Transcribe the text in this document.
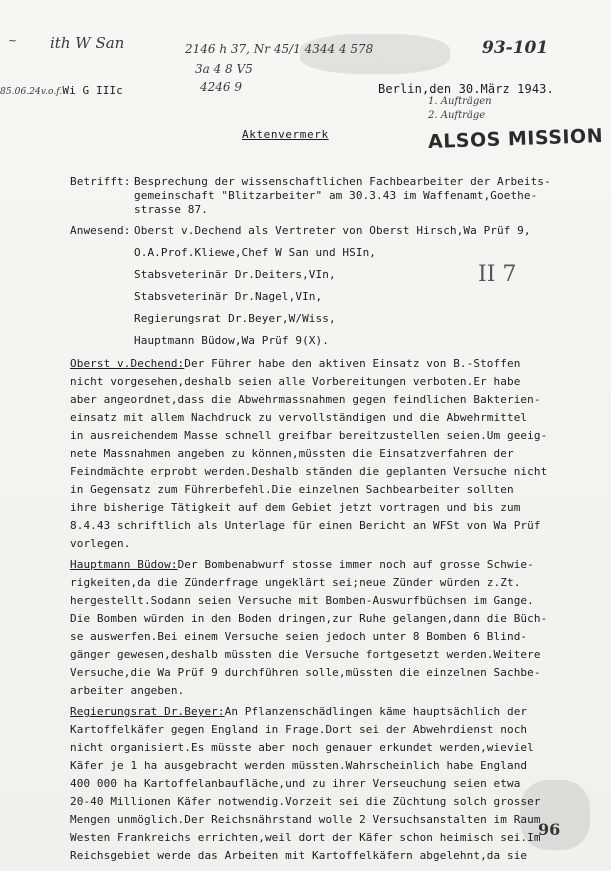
ith W San
~
2146 h 37, Nr 45/1 4344 4 578
3a 4 8 V5
4246 9
93-101
1. Aufträgen
2. Aufträge
85.06.24v.o.f.Wi G IIIc	Berlin,den 30.März 1943.
ALSOS MISSION
Aktenvermerk
Betrifft: Besprechung der wissenschaftlichen Fachbearbeiter der Arbeits-
gemeinschaft "Blitzarbeiter" am 30.3.43 im Waffenamt,Goethe-
strasse 87.
Anwesend: Oberst v.Dechend als Vertreter von Oberst Hirsch,Wa Prüf 9,
O.A.Prof.Kliewe,Chef W San und HSIn,
Stabsveterinär Dr.Deiters,VIn,
Stabsveterinär Dr.Nagel,VIn,
Regierungsrat Dr.Beyer,W/Wiss,
Hauptmann Büdow,Wa Prüf 9(X).
II 7
Oberst v.Dechend:Der Führer habe den aktiven Einsatz von B.-Stoffen
nicht vorgesehen,deshalb seien alle Vorbereitungen verboten.Er habe
aber angeordnet,dass die Abwehrmassnahmen gegen feindlichen Bakterien-
einsatz mit allem Nachdruck zu vervollständigen und die Abwehrmittel
in ausreichendem Masse schnell greifbar bereitzustellen seien.Um geeig-
nete Massnahmen angeben zu können,müssten die Einsatzverfahren der
Feindmächte erprobt werden.Deshalb ständen die geplanten Versuche nicht
in Gegensatz zum Führerbefehl.Die einzelnen Sachbearbeiter sollten
ihre bisherige Tätigkeit auf dem Gebiet jetzt vortragen und bis zum
8.4.43 schriftlich als Unterlage für einen Bericht an WFSt von Wa Prüf
vorlegen.
Hauptmann Büdow:Der Bombenabwurf stosse immer noch auf grosse Schwie-
rigkeiten,da die Zünderfrage ungeklärt sei;neue Zünder würden z.Zt.
hergestellt.Sodann seien Versuche mit Bomben-Auswurfbüchsen im Gange.
Die Bomben würden in den Boden dringen,zur Ruhe gelangen,dann die Büch-
se auswerfen.Bei einem Versuche seien jedoch unter 8 Bomben 6 Blind-
gänger gewesen,deshalb müssten die Versuche fortgesetzt werden.Weitere
Versuche,die Wa Prüf 9 durchführen solle,müssten die einzelnen Sachbe-
arbeiter angeben.
Regierungsrat Dr.Beyer:An Pflanzenschädlingen käme hauptsächlich der
Kartoffelkäfer gegen England in Frage.Dort sei der Abwehrdienst noch
nicht organisiert.Es müsste aber noch genauer erkundet werden,wieviel
Käfer je 1 ha ausgebracht werden müssten.Wahrscheinlich habe England
400 000 ha Kartoffelanbaufläche,und zu ihrer Verseuchung seien etwa
20-40 Millionen Käfer notwendig.Vorzeit sei die Züchtung solch grosser
Mengen unmöglich.Der Reichsnährstand wolle 2 Versuchsanstalten im Raum
Westen Frankreichs errichten,weil dort der Käfer schon heimisch sei.Im
Reichsgebiet werde das Arbeiten mit Kartoffelkäfern abgelehnt,da sie
96
